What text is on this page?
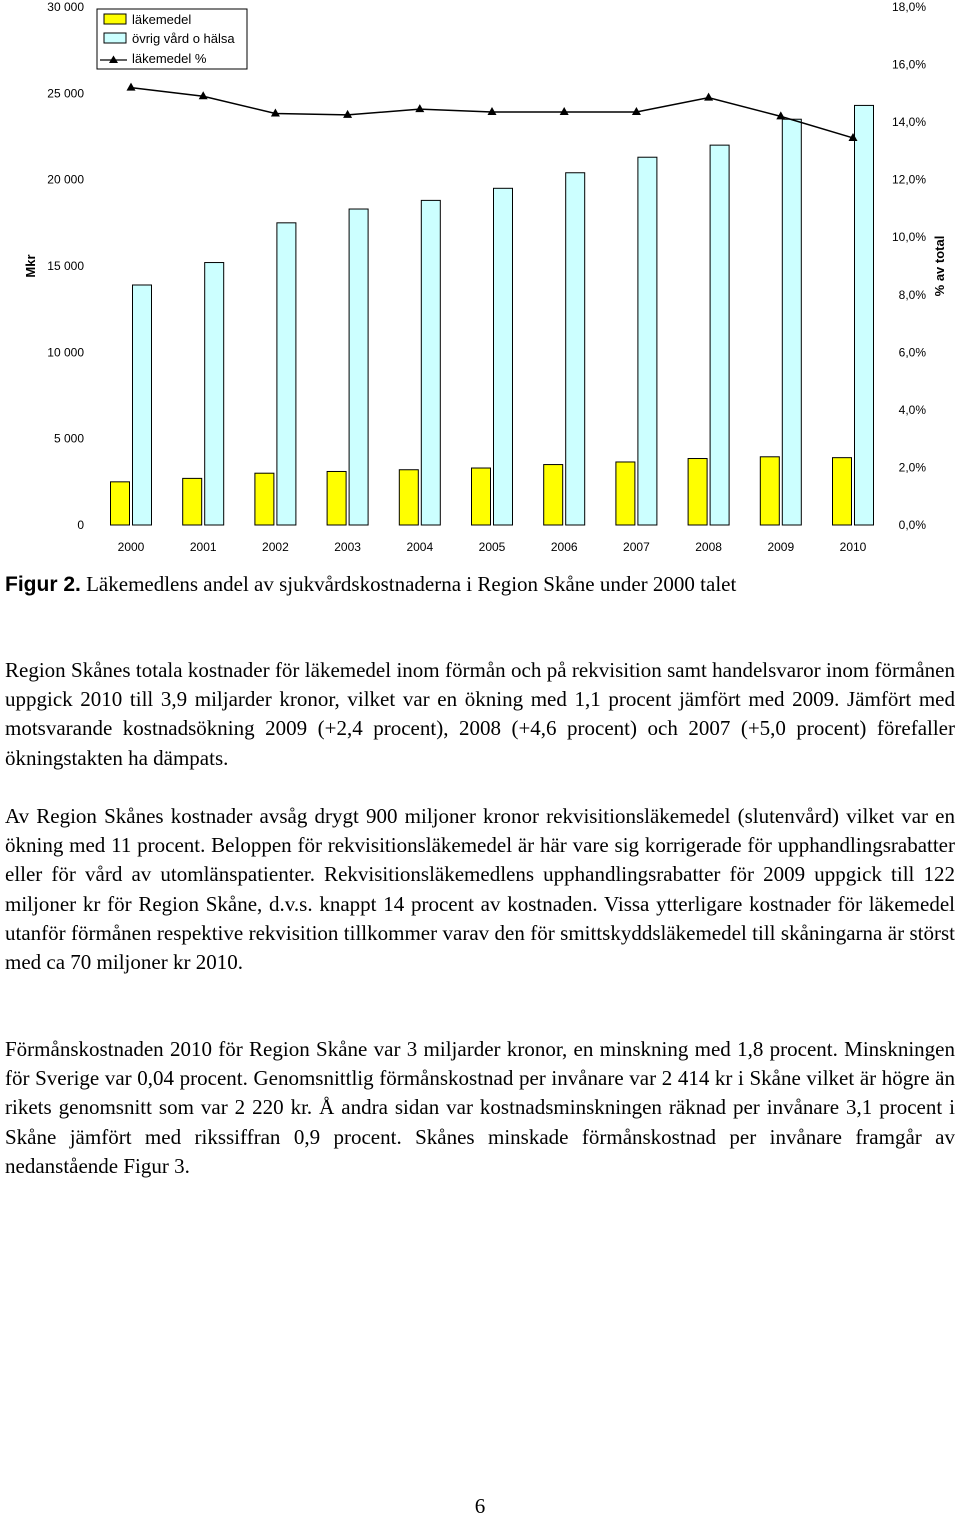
0
5 000
10 000
15 000
20 000
25 000
30 000
0,0%
2,0%
4,0%
6,0%
8,0%
10,0%
12,0%
14,0%
16,0%
18,0%
2000	2001	2002	2003	2004	2005	2006	2007	2008	2009	2010
Mkr	% av total
läkemedel
övrig vård o hälsa
läkemedel %
Figur 2. Läkemedlens andel av sjukvårdskostnaderna i Region Skåne under 2000 talet

Region Skånes totala kostnader för läkemedel inom förmån och på rekvisition samt handelsvaror inom förmånen uppgick 2010 till 3,9 miljarder kronor, vilket var en ökning med 1,1 procent jämfört med 2009. Jämfört med motsvarande kostnadsökning 2009 (+2,4 procent), 2008 (+4,6 procent) och 2007 (+5,0 procent) förefaller ökningstakten ha dämpats.

Av Region Skånes kostnader avsåg drygt 900 miljoner kronor rekvisitionsläkemedel (slutenvård) vilket var en ökning med 11 procent. Beloppen för rekvisitionsläkemedel är här vare sig korrigerade för upphandlingsrabatter eller för vård av utomlänspatienter. Rekvisitionsläkemedlens upphandlingsrabatter för 2009 uppgick till 122 miljoner kr för Region Skåne, d.v.s. knappt 14 procent av kostnaden. Vissa ytterligare kostnader för läkemedel utanför förmånen respektive rekvisition tillkommer varav den för smittskyddsläkemedel till skåningarna är störst med ca 70 miljoner kr 2010.

Förmånskostnaden 2010 för Region Skåne var 3 miljarder kronor, en minskning med 1,8 procent. Minskningen för Sverige var 0,04 procent. Genomsnittlig förmånskostnad per invånare var 2 414 kr i Skåne vilket är högre än rikets genomsnitt som var 2 220 kr. Å andra sidan var kostnadsminskningen räknad per invånare 3,1 procent i Skåne jämfört med rikssiffran 0,9 procent. Skånes minskade förmånskostnad per invånare framgår av nedanstående Figur 3.

6
